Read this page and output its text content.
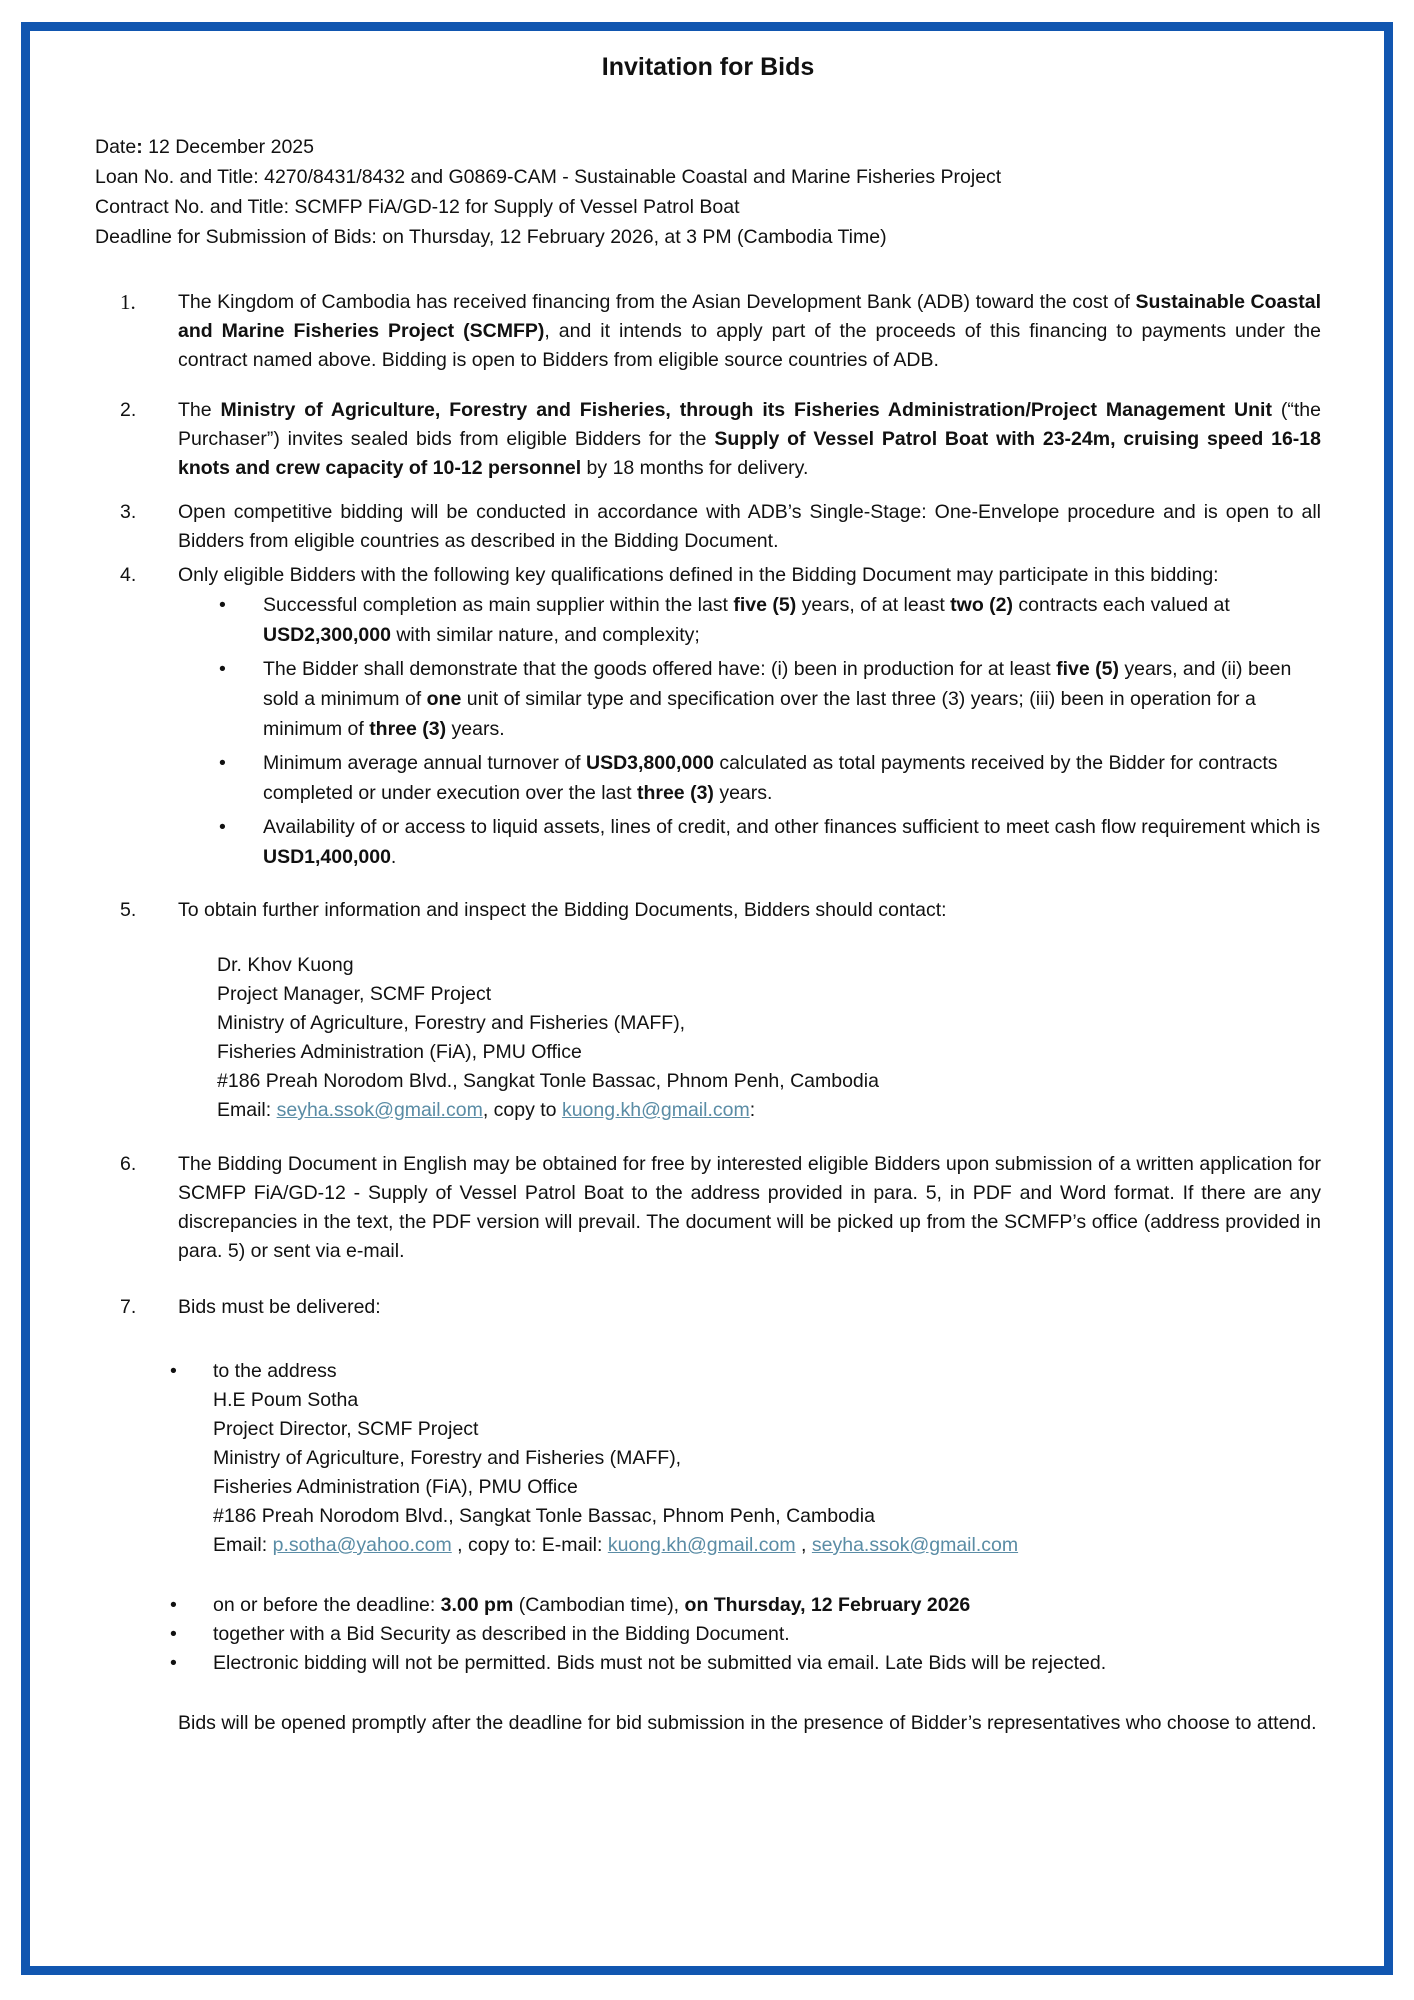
Invitation for Bids

Date: 12 December 2025

Loan No. and Title: 4270/8431/8432 and G0869-CAM - Sustainable Coastal and Marine Fisheries Project

Contract No. and Title: SCMFP FiA/GD-12 for Supply of Vessel Patrol Boat

Deadline for Submission of Bids: on Thursday, 12 February 2026, at 3 PM (Cambodia Time)

1. The Kingdom of Cambodia has received financing from the Asian Development Bank (ADB) toward the cost of Sustainable Coastal and Marine Fisheries Project (SCMFP), and it intends to apply part of the proceeds of this financing to payments under the contract named above. Bidding is open to Bidders from eligible source countries of ADB.

2. The Ministry of Agriculture, Forestry and Fisheries, through its Fisheries Administration/Project Management Unit (“the Purchaser”) invites sealed bids from eligible Bidders for the Supply of Vessel Patrol Boat with 23-24m, cruising speed 16-18 knots and crew capacity of 10-12 personnel by 18 months for delivery.

3. Open competitive bidding will be conducted in accordance with ADB’s Single-Stage: One-Envelope procedure and is open to all Bidders from eligible countries as described in the Bidding Document.

4. Only eligible Bidders with the following key qualifications defined in the Bidding Document may participate in this bidding:

• Successful completion as main supplier within the last five (5) years, of at least two (2) contracts each valued at USD2,300,000 with similar nature, and complexity;

• The Bidder shall demonstrate that the goods offered have: (i) been in production for at least five (5) years, and (ii) been sold a minimum of one unit of similar type and specification over the last three (3) years; (iii) been in operation for a minimum of three (3) years.

• Minimum average annual turnover of USD3,800,000 calculated as total payments received by the Bidder for contracts completed or under execution over the last three (3) years.

• Availability of or access to liquid assets, lines of credit, and other finances sufficient to meet cash flow requirement which is USD1,400,000.

5. To obtain further information and inspect the Bidding Documents, Bidders should contact:

Dr. Khov Kuong

Project Manager, SCMF Project

Ministry of Agriculture, Forestry and Fisheries (MAFF),

Fisheries Administration (FiA), PMU Office

#186 Preah Norodom Blvd., Sangkat Tonle Bassac, Phnom Penh, Cambodia

Email: seyha.ssok@gmail.com, copy to kuong.kh@gmail.com:

6. The Bidding Document in English may be obtained for free by interested eligible Bidders upon submission of a written application for SCMFP FiA/GD-12 - Supply of Vessel Patrol Boat to the address provided in para. 5, in PDF and Word format. If there are any discrepancies in the text, the PDF version will prevail. The document will be picked up from the SCMFP’s office (address provided in para. 5) or sent via e-mail.

7. Bids must be delivered:

• to the address

H.E Poum Sotha

Project Director, SCMF Project

Ministry of Agriculture, Forestry and Fisheries (MAFF),

Fisheries Administration (FiA), PMU Office

#186 Preah Norodom Blvd., Sangkat Tonle Bassac, Phnom Penh, Cambodia

Email: p.sotha@yahoo.com , copy to: E-mail: kuong.kh@gmail.com , seyha.ssok@gmail.com

• on or before the deadline: 3.00 pm (Cambodian time), on Thursday, 12 February 2026

• together with a Bid Security as described in the Bidding Document.

• Electronic bidding will not be permitted. Bids must not be submitted via email. Late Bids will be rejected.

Bids will be opened promptly after the deadline for bid submission in the presence of Bidder’s representatives who choose to attend.
